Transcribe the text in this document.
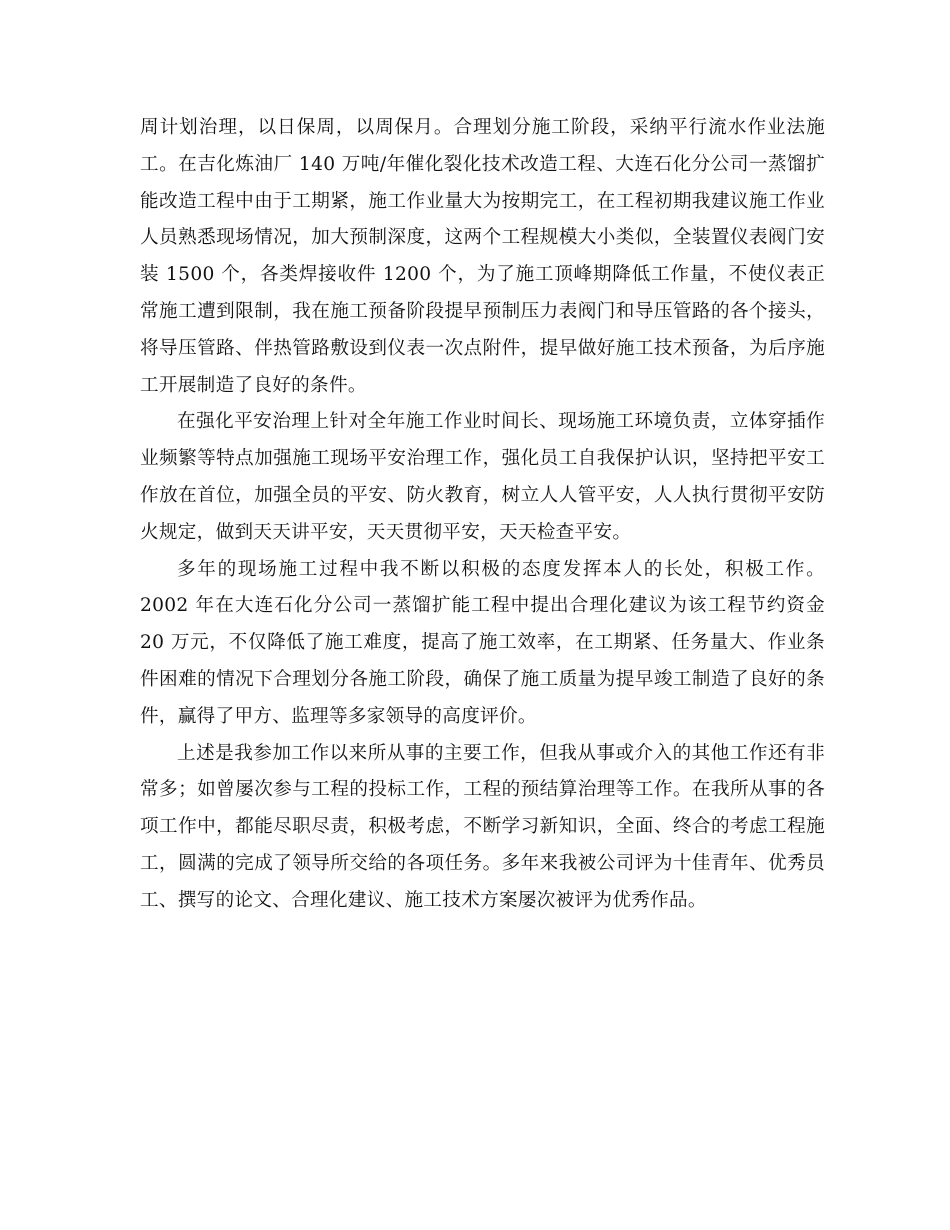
周计划治理，以日保周，以周保月。合理划分施工阶段，采纳平行流水作业法施工。在吉化炼油厂 140 万吨/年催化裂化技术改造工程、大连石化分公司一蒸馏扩能改造工程中由于工期紧，施工作业量大为按期完工，在工程初期我建议施工作业人员熟悉现场情况，加大预制深度，这两个工程规模大小类似，全装置仪表阀门安装 1500 个，各类焊接收件 1200 个，为了施工顶峰期降低工作量，不使仪表正常施工遭到限制，我在施工预备阶段提早预制压力表阀门和导压管路的各个接头，将导压管路、伴热管路敷设到仪表一次点附件，提早做好施工技术预备，为后序施工开展制造了良好的条件。

在强化平安治理上针对全年施工作业时间长、现场施工环境负责，立体穿插作业频繁等特点加强施工现场平安治理工作，强化员工自我保护认识，坚持把平安工作放在首位，加强全员的平安、防火教育，树立人人管平安，人人执行贯彻平安防火规定，做到天天讲平安，天天贯彻平安，天天检查平安。

多年的现场施工过程中我不断以积极的态度发挥本人的长处，积极工作。2002 年在大连石化分公司一蒸馏扩能工程中提出合理化建议为该工程节约资金 20 万元，不仅降低了施工难度，提高了施工效率，在工期紧、任务量大、作业条件困难的情况下合理划分各施工阶段，确保了施工质量为提早竣工制造了良好的条件，赢得了甲方、监理等多家领导的高度评价。

上述是我参加工作以来所从事的主要工作，但我从事或介入的其他工作还有非常多；如曾屡次参与工程的投标工作，工程的预结算治理等工作。在我所从事的各项工作中，都能尽职尽责，积极考虑，不断学习新知识，全面、终合的考虑工程施工，圆满的完成了领导所交给的各项任务。多年来我被公司评为十佳青年、优秀员工、撰写的论文、合理化建议、施工技术方案屡次被评为优秀作品。
